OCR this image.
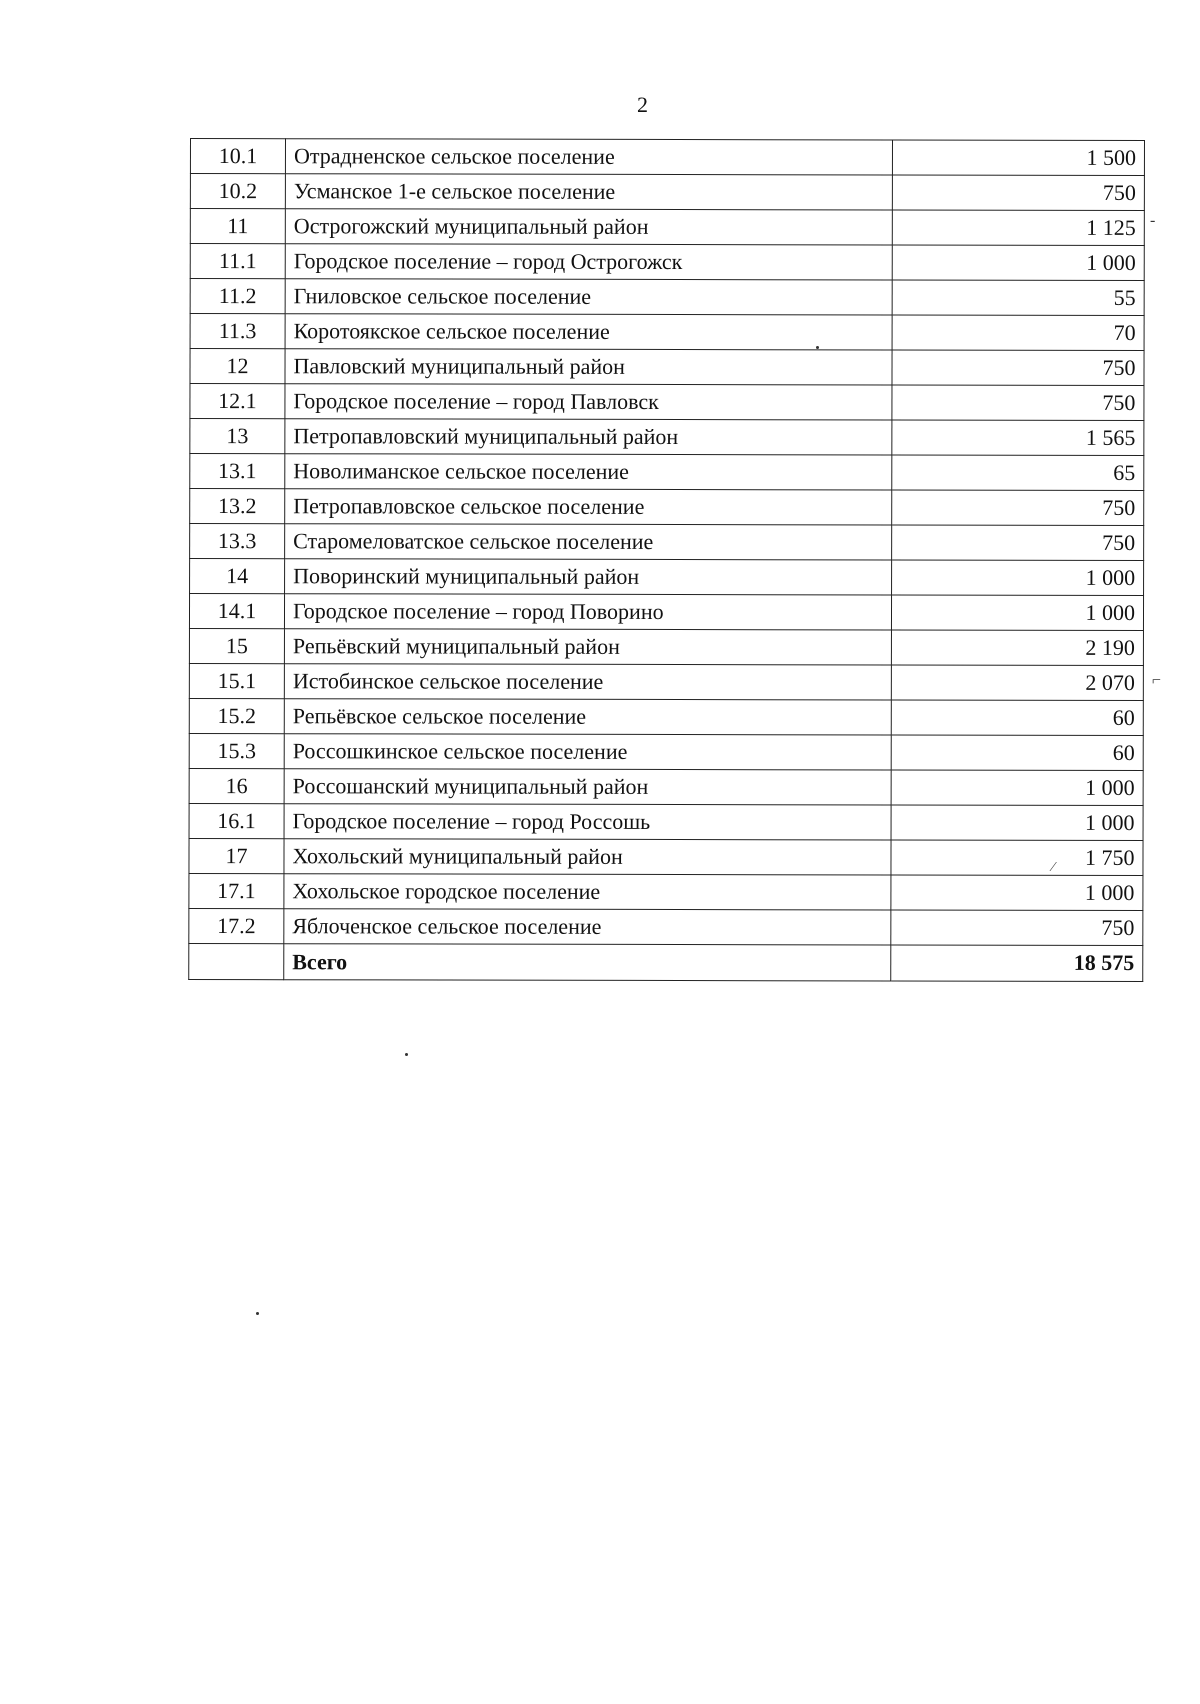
2
10.1	Отрадненское сельское поселение	1 500
10.2	Усманское 1-е сельское поселение	750
11	Острогожский муниципальный район	1 125
11.1	Городское поселение – город Острогожск	1 000
11.2	Гниловское сельское поселение	55
11.3	Коротоякское сельское поселение	70
12	Павловский муниципальный район	750
12.1	Городское поселение – город Павловск	750
13	Петропавловский муниципальный район	1 565
13.1	Новолиманское сельское поселение	65
13.2	Петропавловское сельское поселение	750
13.3	Старомеловатское сельское поселение	750
14	Поворинский муниципальный район	1 000
14.1	Городское поселение – город Поворино	1 000
15	Репьёвский муниципальный район	2 190
15.1	Истобинское сельское поселение	2 070
15.2	Репьёвское сельское поселение	60
15.3	Россошкинское сельское поселение	60
16	Россошанский муниципальный район	1 000
16.1	Городское поселение – город Россошь	1 000
17	Хохольский муниципальный район	1 750
17.1	Хохольское городское поселение	1 000
17.2	Яблоченское сельское поселение	750
	Всего	18 575
-
⌐
⁄
